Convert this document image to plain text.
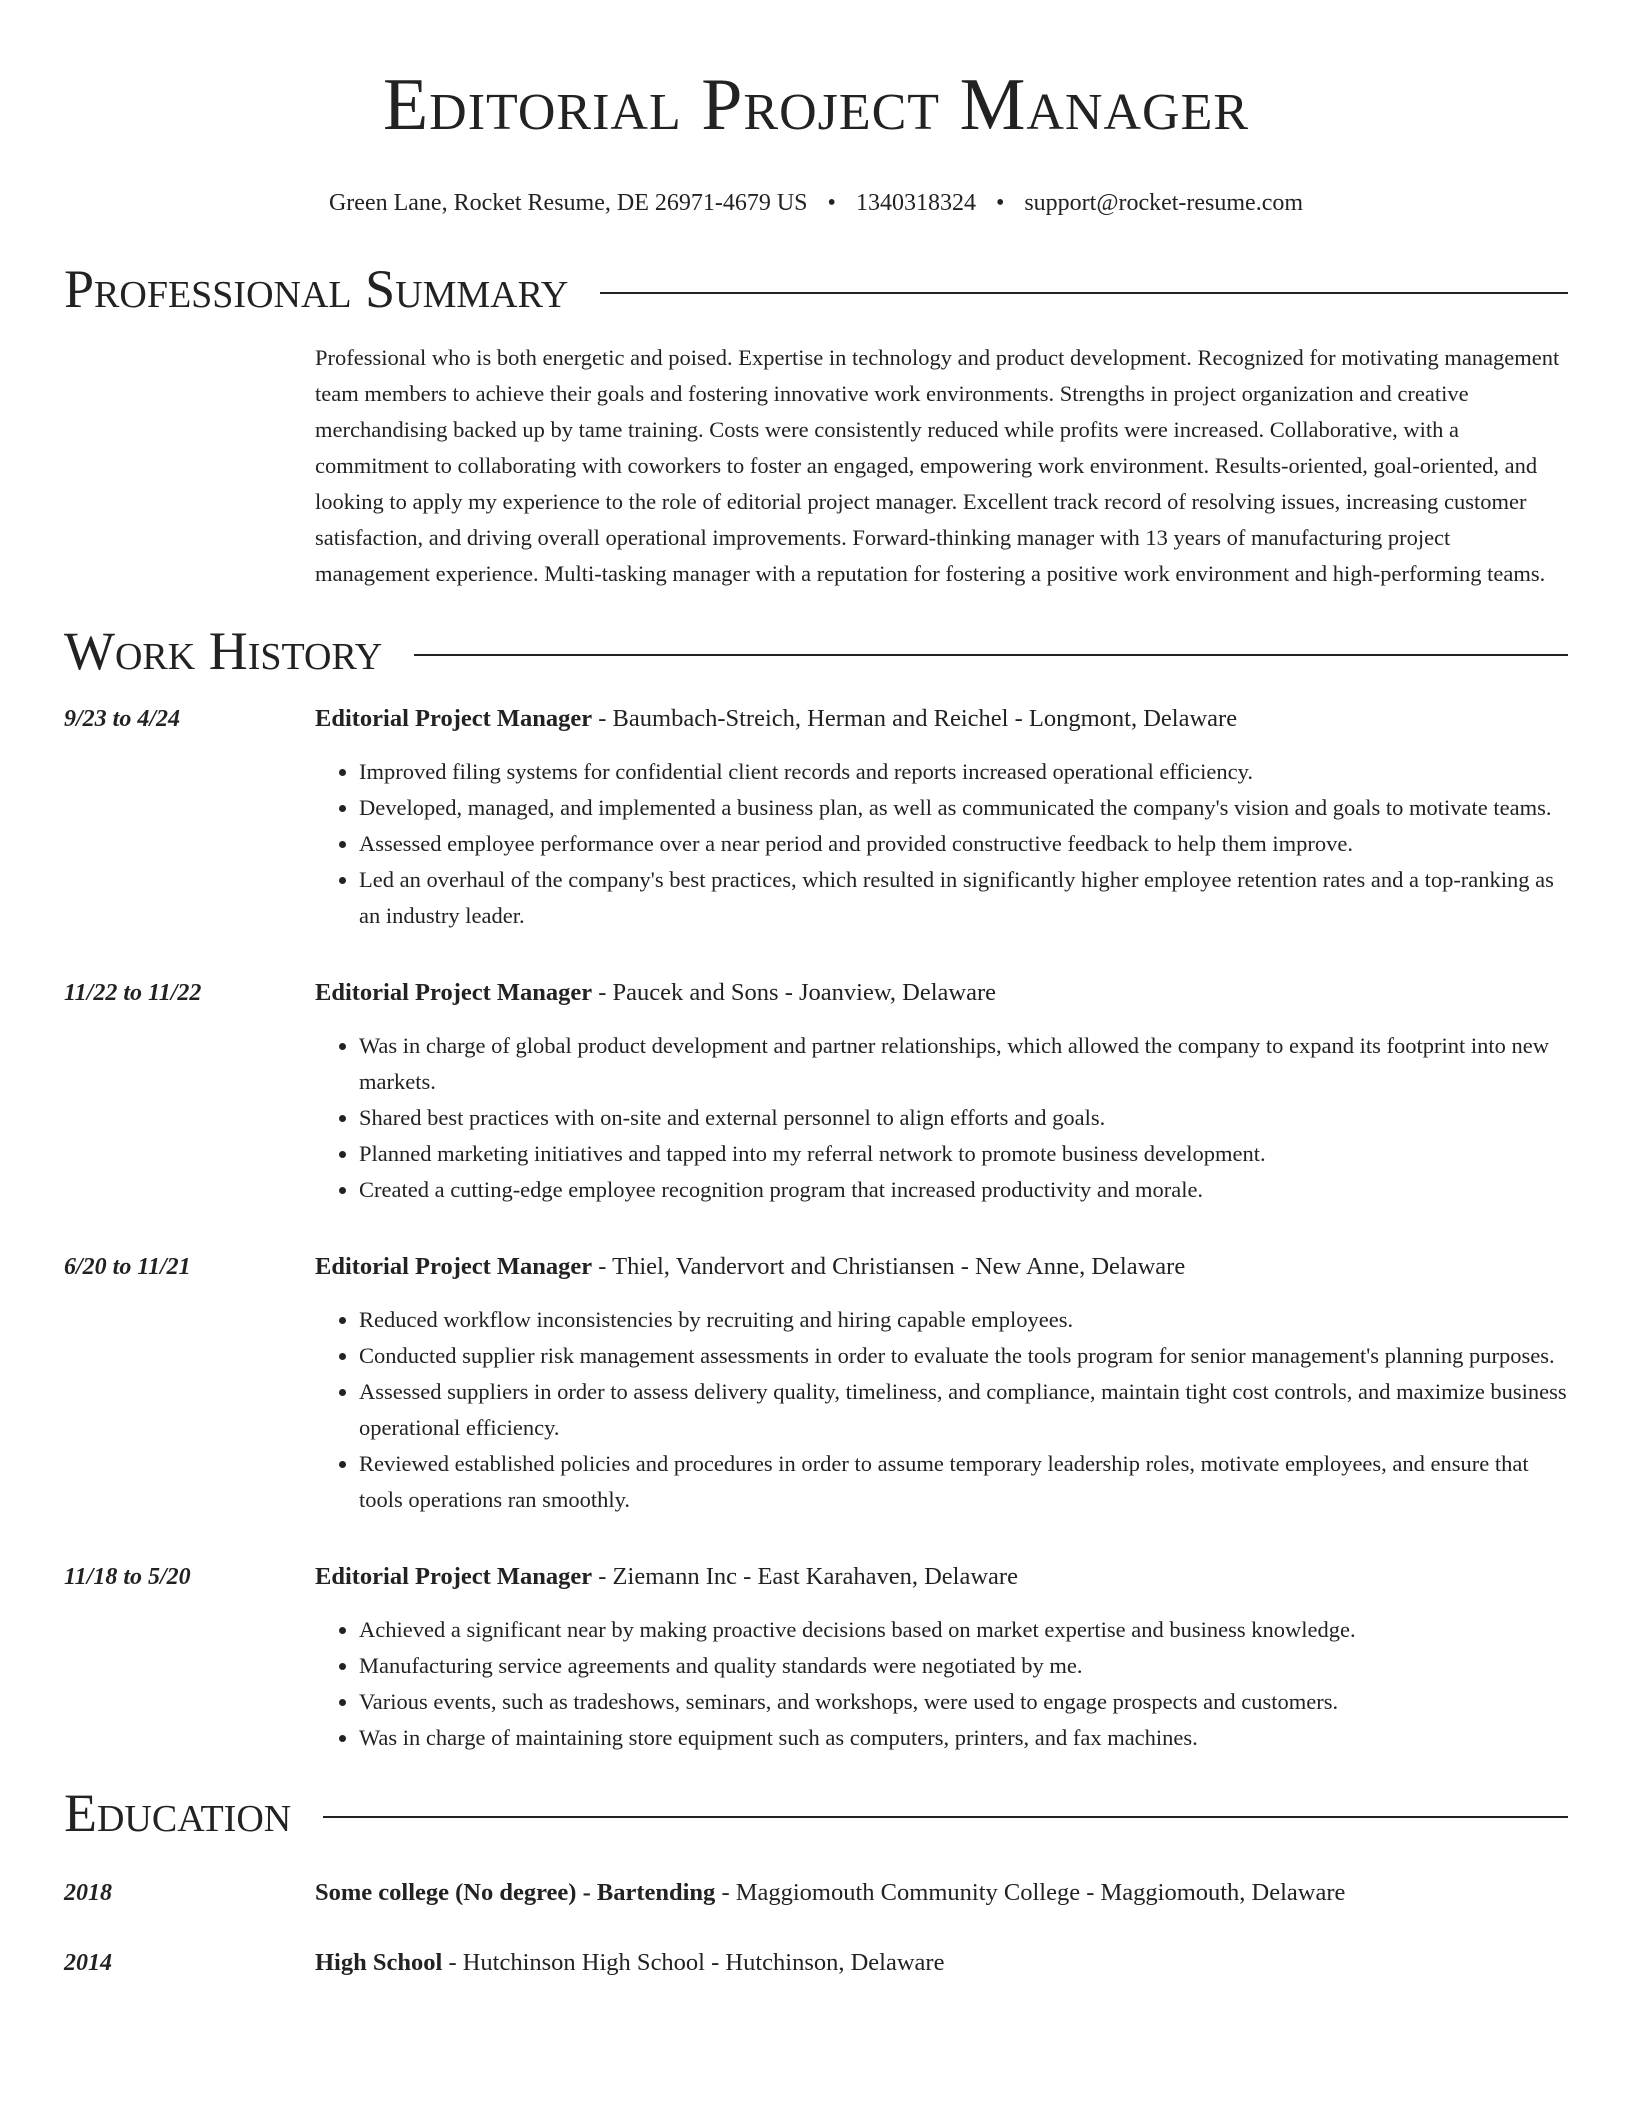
Editorial Project Manager
Green Lane, Rocket Resume, DE 26971-4679 US • 1340318324 • support@rocket-resume.com
Professional Summary
Professional who is both energetic and poised. Expertise in technology and product development. Recognized for motivating management team members to achieve their goals and fostering innovative work environments. Strengths in project organization and creative merchandising backed up by tame training. Costs were consistently reduced while profits were increased. Collaborative, with a commitment to collaborating with coworkers to foster an engaged, empowering work environment. Results-oriented, goal-oriented, and looking to apply my experience to the role of editorial project manager. Excellent track record of resolving issues, increasing customer satisfaction, and driving overall operational improvements. Forward-thinking manager with 13 years of manufacturing project management experience. Multi-tasking manager with a reputation for fostering a positive work environment and high-performing teams.
Work History
9/23 to 4/24	Editorial Project Manager - Baumbach-Streich, Herman and Reichel - Longmont, Delaware
• Improved filing systems for confidential client records and reports increased operational efficiency.
• Developed, managed, and implemented a business plan, as well as communicated the company's vision and goals to motivate teams.
• Assessed employee performance over a near period and provided constructive feedback to help them improve.
• Led an overhaul of the company's best practices, which resulted in significantly higher employee retention rates and a top-ranking as an industry leader.
11/22 to 11/22	Editorial Project Manager - Paucek and Sons - Joanview, Delaware
• Was in charge of global product development and partner relationships, which allowed the company to expand its footprint into new markets.
• Shared best practices with on-site and external personnel to align efforts and goals.
• Planned marketing initiatives and tapped into my referral network to promote business development.
• Created a cutting-edge employee recognition program that increased productivity and morale.
6/20 to 11/21	Editorial Project Manager - Thiel, Vandervort and Christiansen - New Anne, Delaware
• Reduced workflow inconsistencies by recruiting and hiring capable employees.
• Conducted supplier risk management assessments in order to evaluate the tools program for senior management's planning purposes.
• Assessed suppliers in order to assess delivery quality, timeliness, and compliance, maintain tight cost controls, and maximize business operational efficiency.
• Reviewed established policies and procedures in order to assume temporary leadership roles, motivate employees, and ensure that tools operations ran smoothly.
11/18 to 5/20	Editorial Project Manager - Ziemann Inc - East Karahaven, Delaware
• Achieved a significant near by making proactive decisions based on market expertise and business knowledge.
• Manufacturing service agreements and quality standards were negotiated by me.
• Various events, such as tradeshows, seminars, and workshops, were used to engage prospects and customers.
• Was in charge of maintaining store equipment such as computers, printers, and fax machines.
Education
2018	Some college (No degree) - Bartending - Maggiomouth Community College - Maggiomouth, Delaware
2014	High School - Hutchinson High School - Hutchinson, Delaware
